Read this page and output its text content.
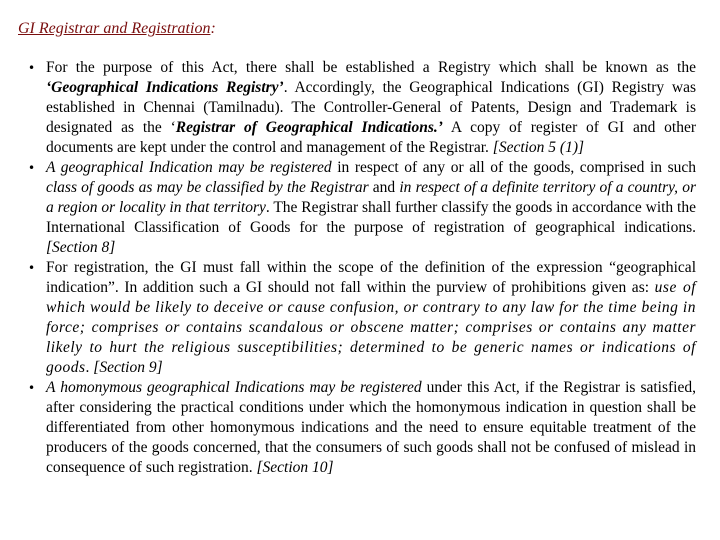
GI Registrar and Registration:
• For the purpose of this Act, there shall be established a Registry which shall be known as the ‘Geographical Indications Registry’. Accordingly, the Geographical Indications (GI) Registry was established in Chennai (Tamilnadu). The Controller-General of Patents, Design and Trademark is designated as the ‘Registrar of Geographical Indications.’ A copy of register of GI and other documents are kept under the control and management of the Registrar. [Section 5 (1)]
• A geographical Indication may be registered in respect of any or all of the goods, comprised in such class of goods as may be classified by the Registrar and in respect of a definite territory of a country, or a region or locality in that territory. The Registrar shall further classify the goods in accordance with the International Classification of Goods for the purpose of registration of geographical indications. [Section 8]
• For registration, the GI must fall within the scope of the definition of the expression “geographical indication”. In addition such a GI should not fall within the purview of prohibitions given as: use of which would be likely to deceive or cause confusion, or contrary to any law for the time being in force; comprises or contains scandalous or obscene matter; comprises or contains any matter likely to hurt the religious susceptibilities; determined to be generic names or indications of goods. [Section 9]
• A homonymous geographical Indications may be registered under this Act, if the Registrar is satisfied, after considering the practical conditions under which the homonymous indication in question shall be differentiated from other homonymous indications and the need to ensure equitable treatment of the producers of the goods concerned, that the consumers of such goods shall not be confused of mislead in consequence of such registration. [Section 10]
